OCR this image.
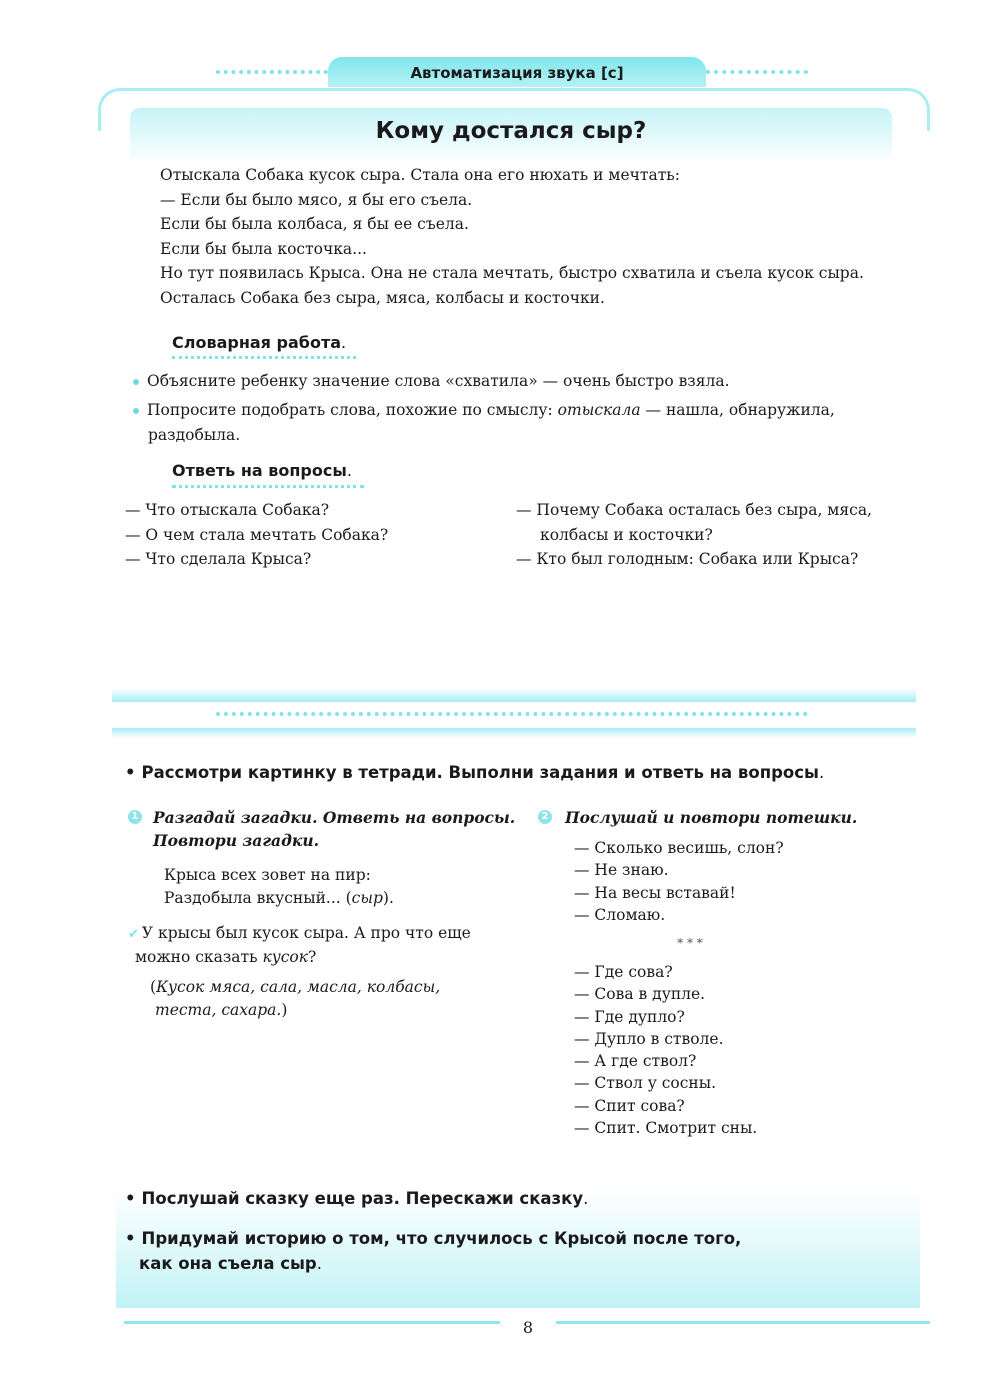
Автоматизация звука [с]
Кому достался сыр?
Отыскала Собака кусок сыра. Стала она его нюхать и мечтать:
— Если бы было мясо, я бы его съела.
Если бы была колбаса, я бы ее съела.
Если бы была косточка...
Но тут появилась Крыса. Она не стала мечтать, быстро схватила и съела кусок сыра.
Осталась Собака без сыра, мяса, колбасы и косточки.
Словарная работа.
Объясните ребенку значение слова «схватила» — очень быстро взяла.
Попросите подобрать слова, похожие по смыслу: отыскала — нашла, обнаружила,
раздобыла.
Ответь на вопросы.
— Что отыскала Собака?
— О чем стала мечтать Собака?
— Что сделала Крыса?
— Почему Собака осталась без сыра, мяса,
колбасы и косточки?
— Кто был голодным: Собака или Крыса?
• Рассмотри картинку в тетради. Выполни задания и ответь на вопросы.
1 Разгадай загадки. Ответь на вопросы.
Повтори загадки.
Крыса всех зовет на пир:
Раздобыла вкусный... (сыр).
✔ У крысы был кусок сыра. А про что еще
можно сказать кусок?
(Кусок мяса, сала, масла, колбасы,
теста, сахара.)
2 Послушай и повтори потешки.
— Сколько весишь, слон?
— Не знаю.
— На весы вставай!
— Сломаю.
* * *
— Где сова?
— Сова в дупле.
— Где дупло?
— Дупло в стволе.
— А где ствол?
— Ствол у сосны.
— Спит сова?
— Спит. Смотрит сны.
• Послушай сказку еще раз. Перескажи сказку.
• Придумай историю о том, что случилось с Крысой после того,
как она съела сыр.
8
